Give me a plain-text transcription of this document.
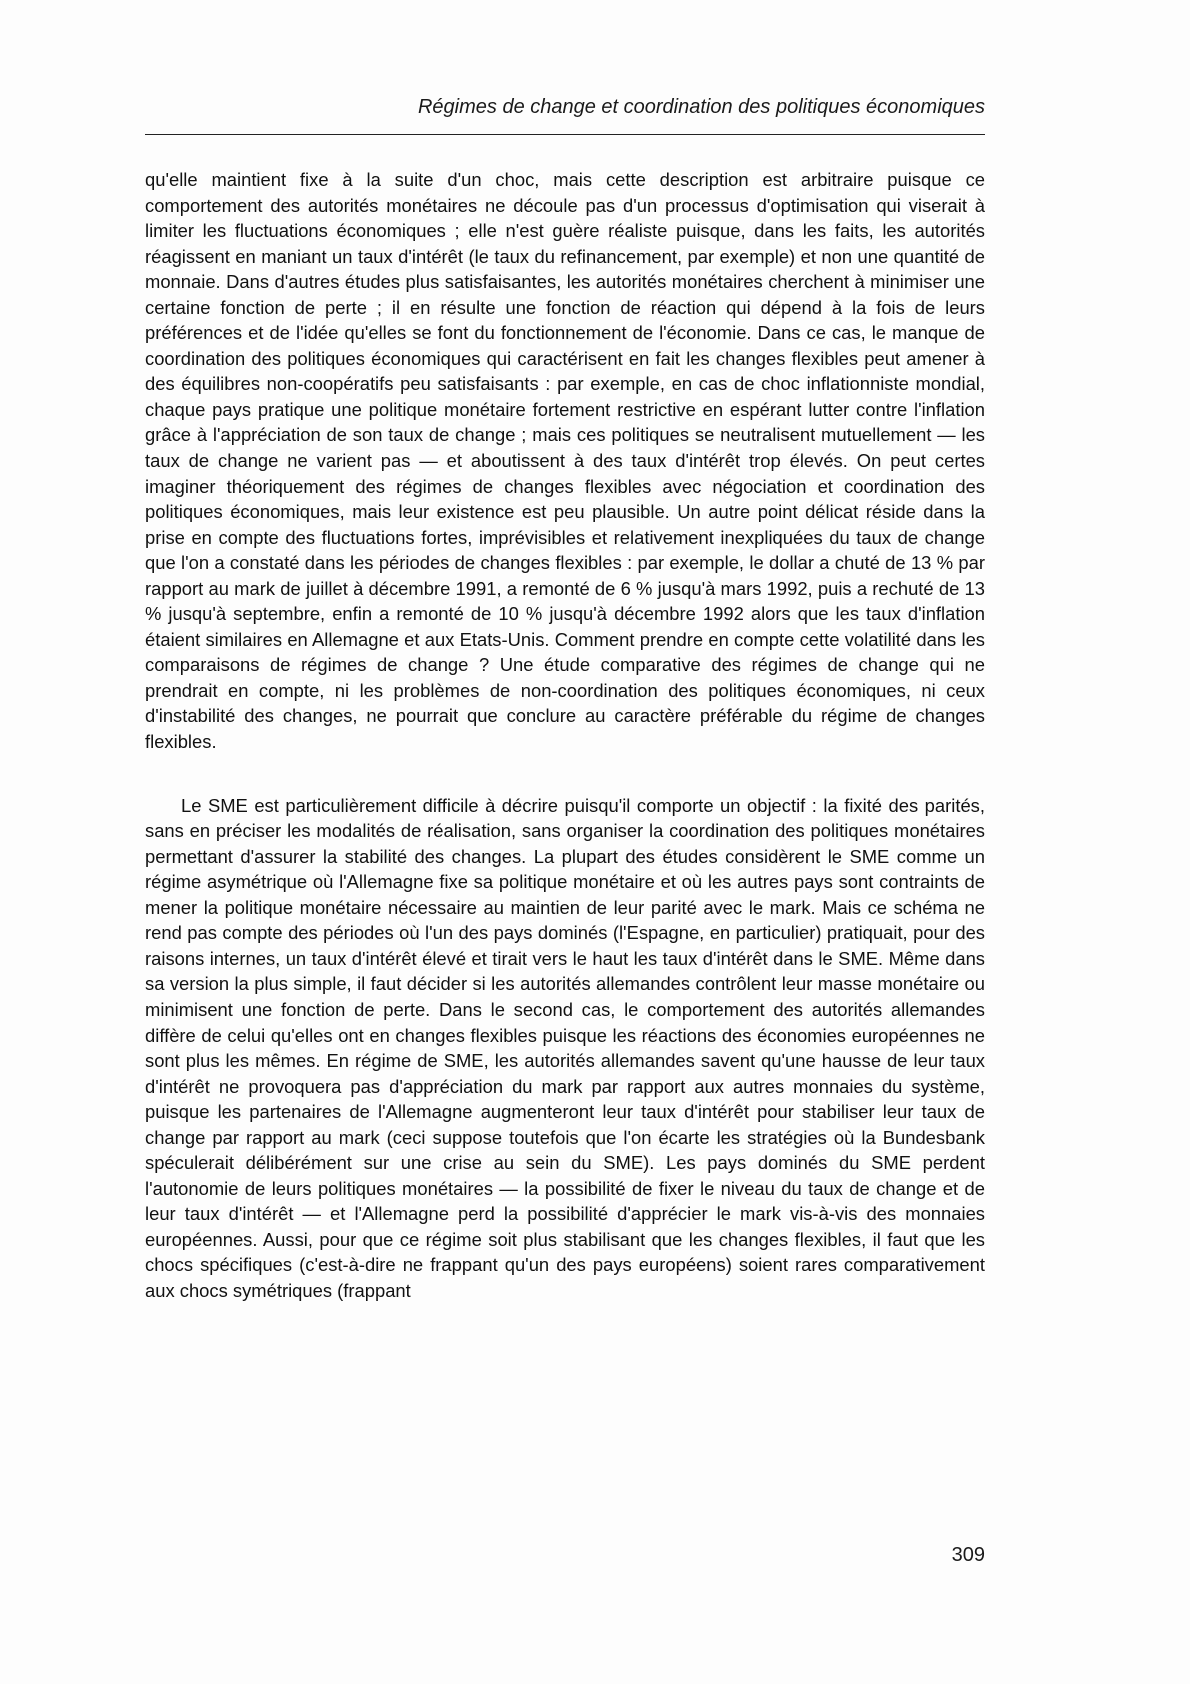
Régimes de change et coordination des politiques économiques

qu'elle maintient fixe à la suite d'un choc, mais cette description est arbitraire puisque ce comportement des autorités monétaires ne découle pas d'un processus d'optimisation qui viserait à limiter les fluctuations économiques ; elle n'est guère réaliste puisque, dans les faits, les autorités réagissent en maniant un taux d'intérêt (le taux du refinancement, par exemple) et non une quantité de monnaie. Dans d'autres études plus satisfaisantes, les autorités monétaires cherchent à minimiser une certaine fonction de perte ; il en résulte une fonction de réaction qui dépend à la fois de leurs préférences et de l'idée qu'elles se font du fonctionnement de l'économie. Dans ce cas, le manque de coordination des politiques économiques qui caractérisent en fait les changes flexibles peut amener à des équilibres non-coopératifs peu satisfaisants : par exemple, en cas de choc inflationniste mondial, chaque pays pratique une politique monétaire fortement restrictive en espérant lutter contre l'inflation grâce à l'appréciation de son taux de change ; mais ces politiques se neutralisent mutuellement — les taux de change ne varient pas — et aboutissent à des taux d'intérêt trop élevés. On peut certes imaginer théoriquement des régimes de changes flexibles avec négociation et coordination des politiques économiques, mais leur existence est peu plausible. Un autre point délicat réside dans la prise en compte des fluctuations fortes, imprévisibles et relativement inexpliquées du taux de change que l'on a constaté dans les périodes de changes flexibles : par exemple, le dollar a chuté de 13 % par rapport au mark de juillet à décembre 1991, a remonté de 6 % jusqu'à mars 1992, puis a rechuté de 13 % jusqu'à septembre, enfin a remonté de 10 % jusqu'à décembre 1992 alors que les taux d'inflation étaient similaires en Allemagne et aux Etats-Unis. Comment prendre en compte cette volatilité dans les comparaisons de régimes de change ? Une étude comparative des régimes de change qui ne prendrait en compte, ni les problèmes de non-coordination des politiques économiques, ni ceux d'instabilité des changes, ne pourrait que conclure au caractère préférable du régime de changes flexibles.

Le SME est particulièrement difficile à décrire puisqu'il comporte un objectif : la fixité des parités, sans en préciser les modalités de réalisation, sans organiser la coordination des politiques monétaires permettant d'assurer la stabilité des changes. La plupart des études considèrent le SME comme un régime asymétrique où l'Allemagne fixe sa politique monétaire et où les autres pays sont contraints de mener la politique monétaire nécessaire au maintien de leur parité avec le mark. Mais ce schéma ne rend pas compte des périodes où l'un des pays dominés (l'Espagne, en particulier) pratiquait, pour des raisons internes, un taux d'intérêt élevé et tirait vers le haut les taux d'intérêt dans le SME. Même dans sa version la plus simple, il faut décider si les autorités allemandes contrôlent leur masse monétaire ou minimisent une fonction de perte. Dans le second cas, le comportement des autorités allemandes diffère de celui qu'elles ont en changes flexibles puisque les réactions des économies européennes ne sont plus les mêmes. En régime de SME, les autorités allemandes savent qu'une hausse de leur taux d'intérêt ne provoquera pas d'appréciation du mark par rapport aux autres monnaies du système, puisque les partenaires de l'Allemagne augmenteront leur taux d'intérêt pour stabiliser leur taux de change par rapport au mark (ceci suppose toutefois que l'on écarte les stratégies où la Bundesbank spéculerait délibérément sur une crise au sein du SME). Les pays dominés du SME perdent l'autonomie de leurs politiques monétaires — la possibilité de fixer le niveau du taux de change et de leur taux d'intérêt — et l'Allemagne perd la possibilité d'apprécier le mark vis-à-vis des monnaies européennes. Aussi, pour que ce régime soit plus stabilisant que les changes flexibles, il faut que les chocs spécifiques (c'est-à-dire ne frappant qu'un des pays européens) soient rares comparativement aux chocs symétriques (frappant

309
